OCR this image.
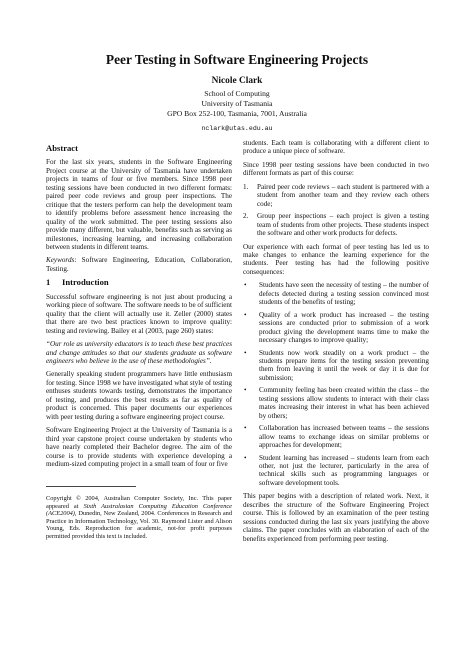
Peer Testing in Software Engineering Projects
Nicole Clark
School of Computing
University of Tasmania
GPO Box 252-100, Tasmania, 7001, Australia
nclark@utas.edu.au
Abstract

For the last six years, students in the Software Engineering Project course at the University of Tasmania have undertaken projects in teams of four or five members. Since 1998 peer testing sessions have been conducted in two different formats: paired peer code reviews and group peer inspections. The critique that the testers perform can help the development team to identify problems before assessment hence increasing the quality of the work submitted. The peer testing sessions also provide many different, but valuable, benefits such as serving as milestones, increasing learning, and increasing collaboration between students in different teams.

Keywords: Software Engineering, Education, Collaboration, Testing.

1 Introduction

Successful software engineering is not just about producing a working piece of software. The software needs to be of sufficient quality that the client will actually use it. Zeller (2000) states that there are two best practices known to improve quality: testing and reviewing. Bailey et al (2003, page 260) states:

“Our role as university educators is to teach these best practices and change attitudes so that our students graduate as software engineers who believe in the use of these methodologies”.

Generally speaking student programmers have little enthusiasm for testing. Since 1998 we have investigated what style of testing enthuses students towards testing, demonstrates the importance of testing, and produces the best results as far as quality of product is concerned. This paper documents our experiences with peer testing during a software engineering project course.

Software Engineering Project at the University of Tasmania is a third year capstone project course undertaken by students who have nearly completed their Bachelor degree. The aim of the course is to provide students with experience developing a medium-sized computing project in a small team of four or five

Copyright © 2004, Australian Computer Society, Inc. This paper appeared at Sixth Australasian Computing Education Conference (ACE2004), Dunedin, New Zealand, 2004. Conferences in Research and Practice in Information Technology, Vol. 30. Raymond Lister and Alison Young, Eds. Reproduction for academic, not-for profit purposes permitted provided this text is included.

students. Each team is collaborating with a different client to produce a unique piece of software.

Since 1998 peer testing sessions have been conducted in two different formats as part of this course:

1. Paired peer code reviews – each student is partnered with a student from another team and they review each others code;
2. Group peer inspections – each project is given a testing team of students from other projects. These students inspect the software and other work products for defects.

Our experience with each format of peer testing has led us to make changes to enhance the learning experience for the students. Peer testing has had the following positive consequences:

• Students have seen the necessity of testing – the number of defects detected during a testing session convinced most students of the benefits of testing;
• Quality of a work product has increased – the testing sessions are conducted prior to submission of a work product giving the development teams time to make the necessary changes to improve quality;
• Students now work steadily on a work product – the students prepare items for the testing session preventing them from leaving it until the week or day it is due for submission;
• Community feeling has been created within the class – the testing sessions allow students to interact with their class mates increasing their interest in what has been achieved by others;
• Collaboration has increased between teams – the sessions allow teams to exchange ideas on similar problems or approaches for development;
• Student learning has increased – students learn from each other, not just the lecturer, particularly in the area of technical skills such as programming languages or software development tools.

This paper begins with a description of related work. Next, it describes the structure of the Software Engineering Project course. This is followed by an examination of the peer testing sessions conducted during the last six years justifying the above claims. The paper concludes with an elaboration of each of the benefits experienced from performing peer testing.
